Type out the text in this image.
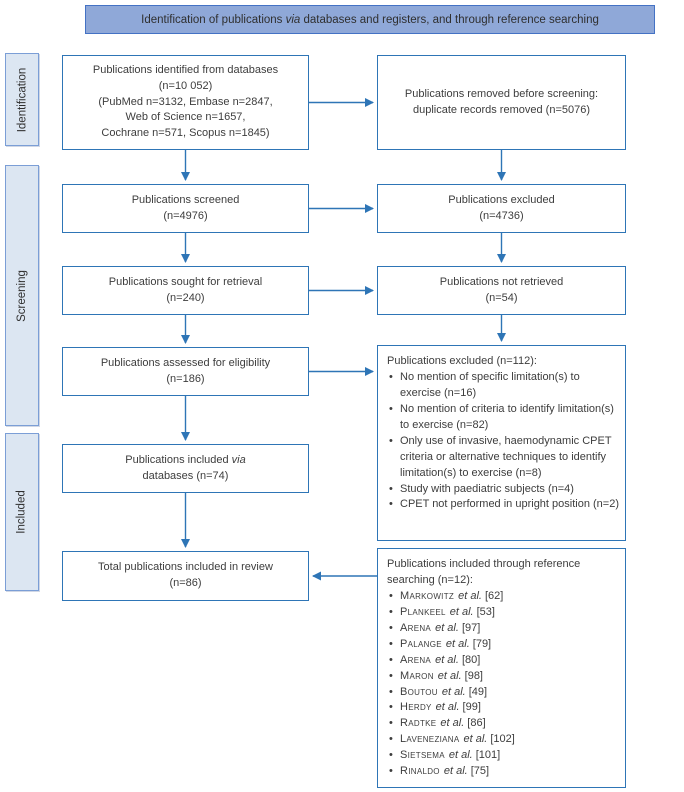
Identification of publications via databases and registers, and through reference searching
Identification
Screening
Included
Publications identified from databases
(n=10 052)
(PubMed n=3132, Embase n=2847,
Web of Science n=1657,
Cochrane n=571, Scopus n=1845)
Publications removed before screening:
duplicate records removed (n=5076)
Publications screened
(n=4976)
Publications excluded
(n=4736)
Publications sought for retrieval
(n=240)
Publications not retrieved
(n=54)
Publications assessed for eligibility
(n=186)
Publications excluded (n=112):
• No mention of specific limitation(s) to exercise (n=16)
• No mention of criteria to identify limitation(s) to exercise (n=82)
• Only use of invasive, haemodynamic CPET criteria or alternative techniques to identify limitation(s) to exercise (n=8)
• Study with paediatric subjects (n=4)
• CPET not performed in upright position (n=2)
Publications included via
databases (n=74)
Total publications included in review
(n=86)
Publications included through reference searching (n=12):
• Markowitz et al. [62]
• Plankeel et al. [53]
• Arena et al. [97]
• Palange et al. [79]
• Arena et al. [80]
• Maron et al. [98]
• Boutou et al. [49]
• Herdy et al. [99]
• Radtke et al. [86]
• Laveneziana et al. [102]
• Sietsema et al. [101]
• Rinaldo et al. [75]
